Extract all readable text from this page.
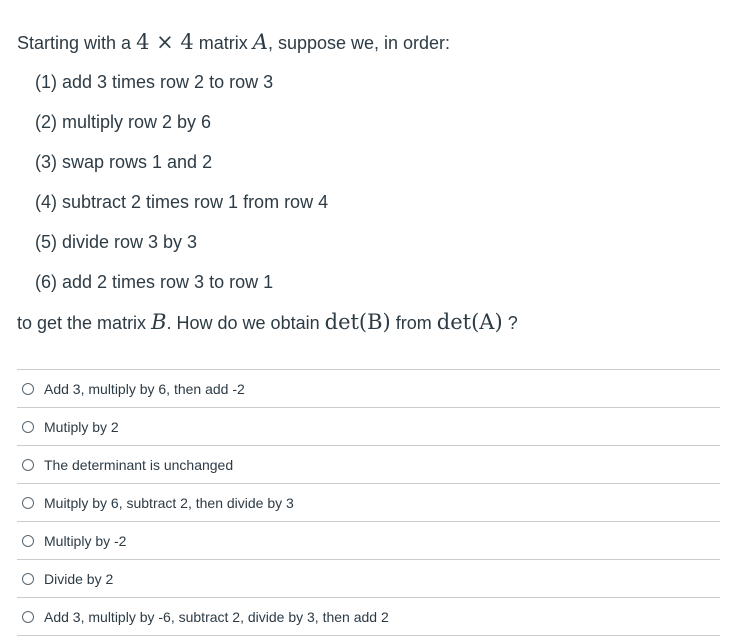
Starting with a 4 × 4 matrix A, suppose we, in order:
(1) add 3 times row 2 to row 3
(2) multiply row 2 by 6
(3) swap rows 1 and 2
(4) subtract 2 times row 1 from row 4
(5) divide row 3 by 3
(6) add 2 times row 3 to row 1
to get the matrix B. How do we obtain det(B) from det(A) ?
Add 3, multiply by 6, then add -2
Mutiply by 2
The determinant is unchanged
Muitply by 6, subtract 2, then divide by 3
Multiply by -2
Divide by 2
Add 3, multiply by -6, subtract 2, divide by 3, then add 2
